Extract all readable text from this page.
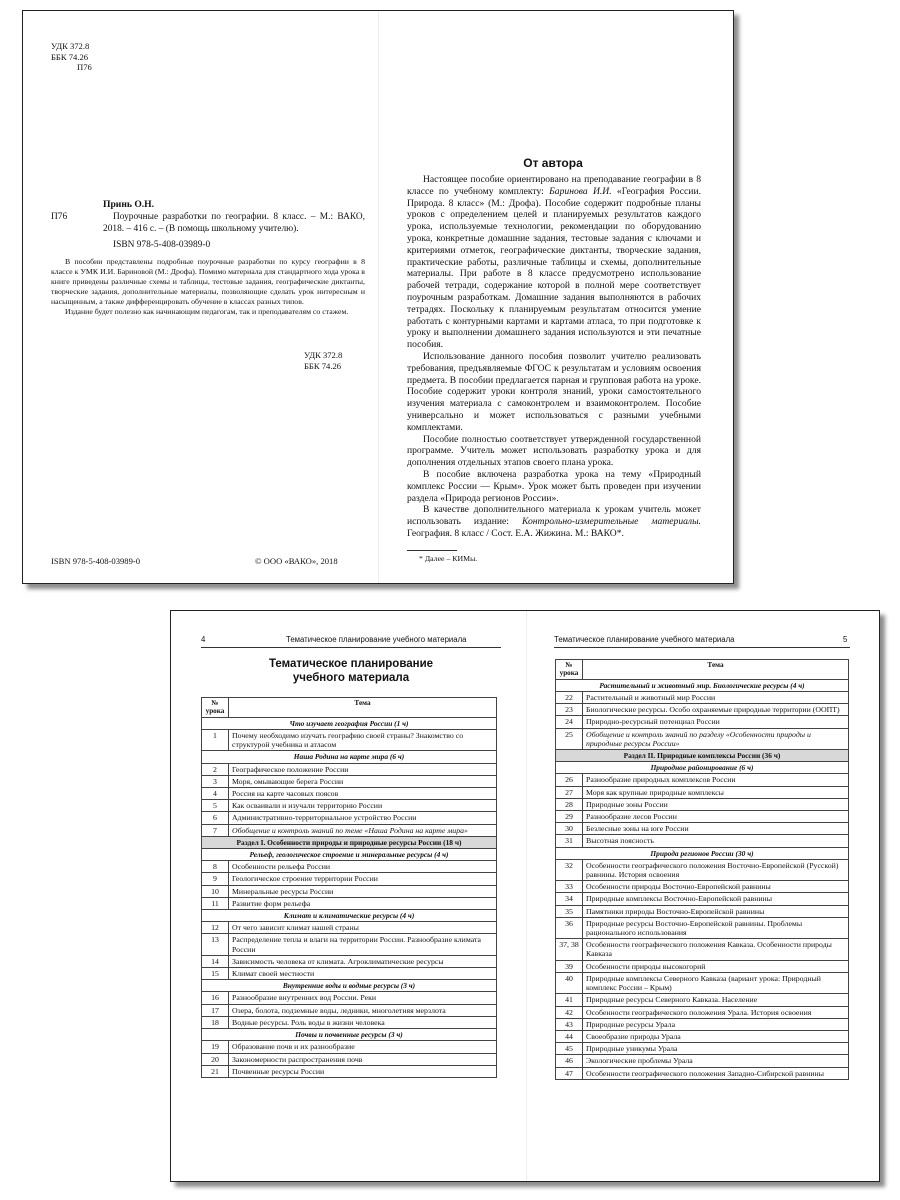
УДК 372.8
ББК 74.26
П76
Принь О.Н.
П76	Поурочные разработки по географии. 8 класс. – М.: ВАКО, 2018. – 416 с. – (В помощь школьному учителю).
ISBN 978-5-408-03989-0

В пособии представлены подробные поурочные разработки по курсу географии в 8 классе к УМК И.И. Бариновой (М.: Дрофа). Помимо материала для стандартного хода урока в книге приведены различные схемы и таблицы, тестовые задания, географические диктанты, творческие задания, дополнительные материалы, позволяющие сделать урок интересным и насыщенным, а также дифференцировать обучение в классах разных типов.

Издание будет полезно как начинающим педагогам, так и преподавателям со стажем.

УДК 372.8
ББК 74.26
ISBN 978-5-408-03989-0	© ООО «ВАКО», 2018
От автора

Настоящее пособие ориентировано на преподавание географии в 8 классе по учебному комплекту: Баринова И.И. «География России. Природа. 8 класс» (М.: Дрофа). Пособие содержит подробные планы уроков с определением целей и планируемых результатов каждого урока, используемые технологии, рекомендации по оборудованию урока, конкретные домашние задания, тестовые задания с ключами и критериями отметок, географические диктанты, творческие задания, практические работы, различные таблицы и схемы, дополнительные материалы. При работе в 8 классе предусмотрено использование рабочей тетради, содержание которой в полной мере соответствует поурочным разработкам. Домашние задания выполняются в рабочих тетрадях. Поскольку к планируемым результатам относится умение работать с контурными картами и картами атласа, то при подготовке к уроку и выполнении домашнего задания используются и эти печатные пособия.

Использование данного пособия позволит учителю реализовать требования, предъявляемые ФГОС к результатам и условиям освоения предмета. В пособии предлагается парная и групповая работа на уроке. Пособие содержит уроки контроля знаний, уроки самостоятельного изучения материала с самоконтролем и взаимоконтролем. Пособие универсально и может использоваться с разными учебными комплектами.

Пособие полностью соответствует утвержденной государственной программе. Учитель может использовать разработку урока и для дополнения отдельных этапов своего плана урока.

В пособие включена разработка урока на тему «Природный комплекс России — Крым». Урок может быть проведен при изучении раздела «Природа регионов России».

В качестве дополнительного материала к урокам учитель может использовать издание: Контрольно-измерительные материалы. География. 8 класс / Сост. Е.А. Жижина. М.: ВАКО*.

* Далее – КИМы.
4	Тематическое планирование учебного материала	Тематическое планирование учебного материала	5
Тематическое планирование
учебного материала
№ урока	Тема
Что изучает география России (1 ч)	
1	Почему необходимо изучать географию своей страны? Знакомство со структурой учебника и атласом
Наша Родина на карте мира (6 ч)	
2	Географическое положение России
3	Моря, омывающие берега России
4	Россия на карте часовых поясов
5	Как осваивали и изучали территорию России
6	Административно-территориальное устройство России
7	Обобщение и контроль знаний по теме «Наша Родина на карте мира»
Раздел I. Особенности природы и природные ресурсы России (18 ч)	
Рельеф, геологическое строение и минеральные ресурсы (4 ч)	
8	Особенности рельефа России
9	Геологическое строение территории России
10	Минеральные ресурсы России
11	Развитие форм рельефа
Климат и климатические ресурсы (4 ч)	
12	От чего зависит климат нашей страны
13	Распределение тепла и влаги на территории России. Разнообразие климата России
14	Зависимость человека от климата. Агроклиматические ресурсы
15	Климат своей местности
Внутренние воды и водные ресурсы (3 ч)	
16	Разнообразие внутренних вод России. Реки
17	Озера, болота, подземные воды, ледники, многолетняя мерзлота
18	Водные ресурсы. Роль воды в жизни человека
Почвы и почвенные ресурсы (3 ч)	
19	Образование почв и их разнообразие
20	Закономерности распространения почв
21	Почвенные ресурсы России
№ урока	Тема
Растительный и животный мир. Биологические ресурсы (4 ч)	
22	Растительный и животный мир России
23	Биологические ресурсы. Особо охраняемые природные территории (ООПТ)
24	Природно-ресурсный потенциал России
25	Обобщение и контроль знаний по разделу «Особенности природы и природные ресурсы России»
Раздел II. Природные комплексы России (36 ч)	
Природное районирование (6 ч)	
26	Разнообразие природных комплексов России
27	Моря как крупные природные комплексы
28	Природные зоны России
29	Разнообразие лесов России
30	Безлесные зоны на юге России
31	Высотная поясность
Природа регионов России (30 ч)	
32	Особенности географического положения Восточно-Европейской (Русской) равнины. История освоения
33	Особенности природы Восточно-Европейской равнины
34	Природные комплексы Восточно-Европейской равнины
35	Памятники природы Восточно-Европейской равнины
36	Природные ресурсы Восточно-Европейской равнины. Проблемы рационального использования
37, 38	Особенности географического положения Кавказа. Особенности природы Кавказа
39	Особенности природы высокогорий
40	Природные комплексы Северного Кавказа (вариант урока: Природный комплекс России – Крым)
41	Природные ресурсы Северного Кавказа. Население
42	Особенности географического положения Урала. История освоения
43	Природные ресурсы Урала
44	Своеобразие природы Урала
45	Природные уникумы Урала
46	Экологические проблемы Урала
47	Особенности географического положения Западно-Сибирской равнины
